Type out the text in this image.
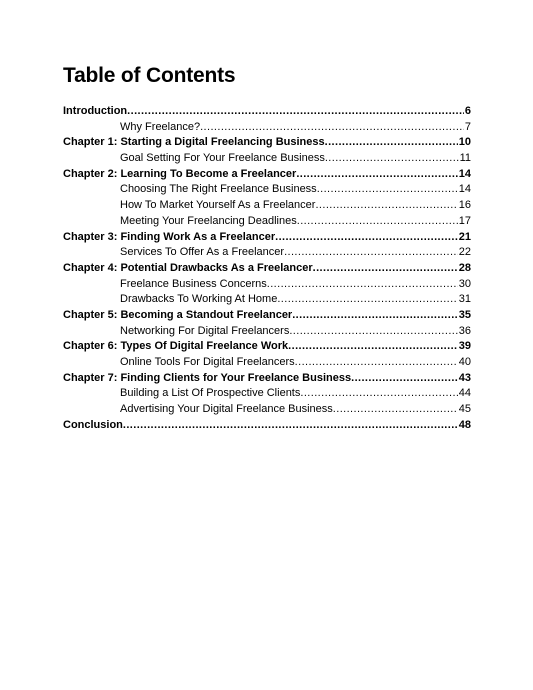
Table of Contents
Introduction .....	6
Why Freelance? .....	7
Chapter 1: Starting a Digital Freelancing Business .....	10
Goal Setting For Your Freelance Business .....	11
Chapter 2: Learning To Become a Freelancer .....	14
Choosing The Right Freelance Business .....	14
How To Market Yourself As a Freelancer .....	16
Meeting Your Freelancing Deadlines .....	17
Chapter 3: Finding Work As a Freelancer .....	21
Services To Offer As a Freelancer .....	22
Chapter 4: Potential Drawbacks As a Freelancer .....	28
Freelance Business Concerns .....	30
Drawbacks To Working At Home .....	31
Chapter 5: Becoming a Standout Freelancer .....	35
Networking For Digital Freelancers .....	36
Chapter 6: Types Of Digital Freelance Work .....	39
Online Tools For Digital Freelancers .....	40
Chapter 7: Finding Clients for Your Freelance Business .....	43
Building a List Of Prospective Clients .....	44
Advertising Your Digital Freelance Business .....	45
Conclusion .....	48
